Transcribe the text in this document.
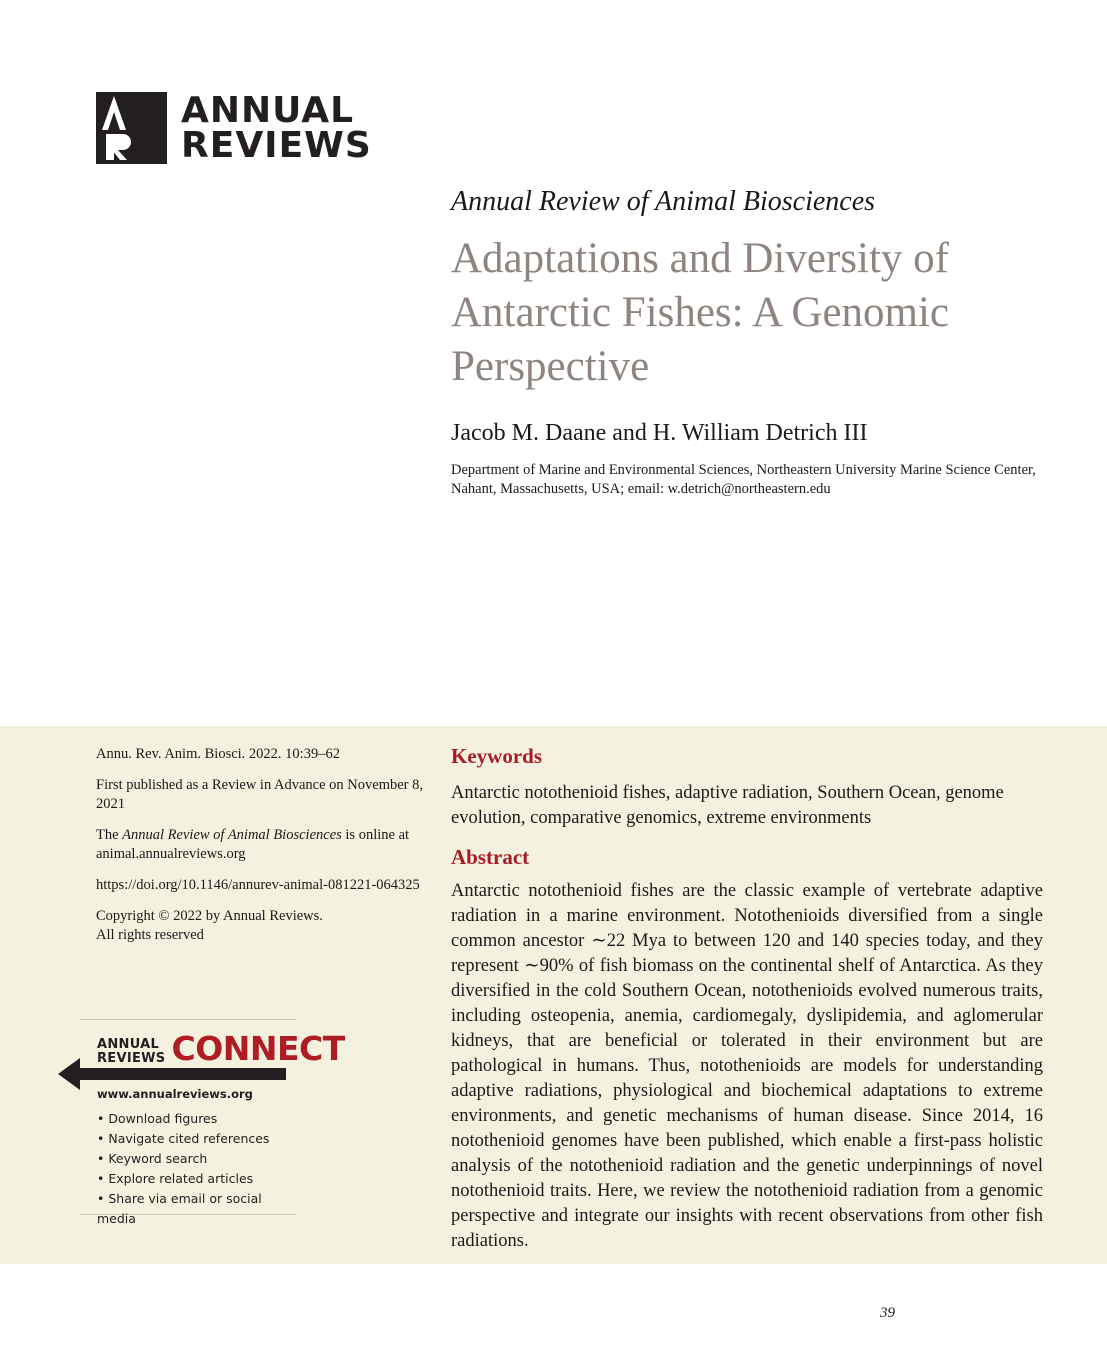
ANNUAL
REVIEWS
Annual Review of Animal Biosciences
Adaptations and Diversity of Antarctic Fishes: A Genomic Perspective
Jacob M. Daane and H. William Detrich III
Department of Marine and Environmental Sciences, Northeastern University Marine Science Center, Nahant, Massachusetts, USA; email: w.detrich@northeastern.edu

Annu. Rev. Anim. Biosci. 2022. 10:39–62

First published as a Review in Advance on November 8, 2021

The Annual Review of Animal Biosciences is online at animal.annualreviews.org

https://doi.org/10.1146/annurev-animal-081221-064325

Copyright © 2022 by Annual Reviews.
All rights reserved

ANNUAL
REVIEWS CONNECT
www.annualreviews.org
• Download figures
• Navigate cited references
• Keyword search
• Explore related articles
• Share via email or social media
Keywords

Antarctic notothenioid fishes, adaptive radiation, Southern Ocean, genome evolution, comparative genomics, extreme environments

Abstract

Antarctic notothenioid fishes are the classic example of vertebrate adaptive radiation in a marine environment. Notothenioids diversified from a single common ancestor ∼22 Mya to between 120 and 140 species today, and they represent ∼90% of fish biomass on the continental shelf of Antarctica. As they diversified in the cold Southern Ocean, notothenioids evolved numerous traits, including osteopenia, anemia, cardiomegaly, dyslipidemia, and aglomerular kidneys, that are beneficial or tolerated in their environment but are pathological in humans. Thus, notothenioids are models for understanding adaptive radiations, physiological and biochemical adaptations to extreme environments, and genetic mechanisms of human disease. Since 2014, 16 notothenioid genomes have been published, which enable a first-pass holistic analysis of the notothenioid radiation and the genetic underpinnings of novel notothenioid traits. Here, we review the notothenioid radiation from a genomic perspective and integrate our insights with recent observations from other fish radiations.

39
